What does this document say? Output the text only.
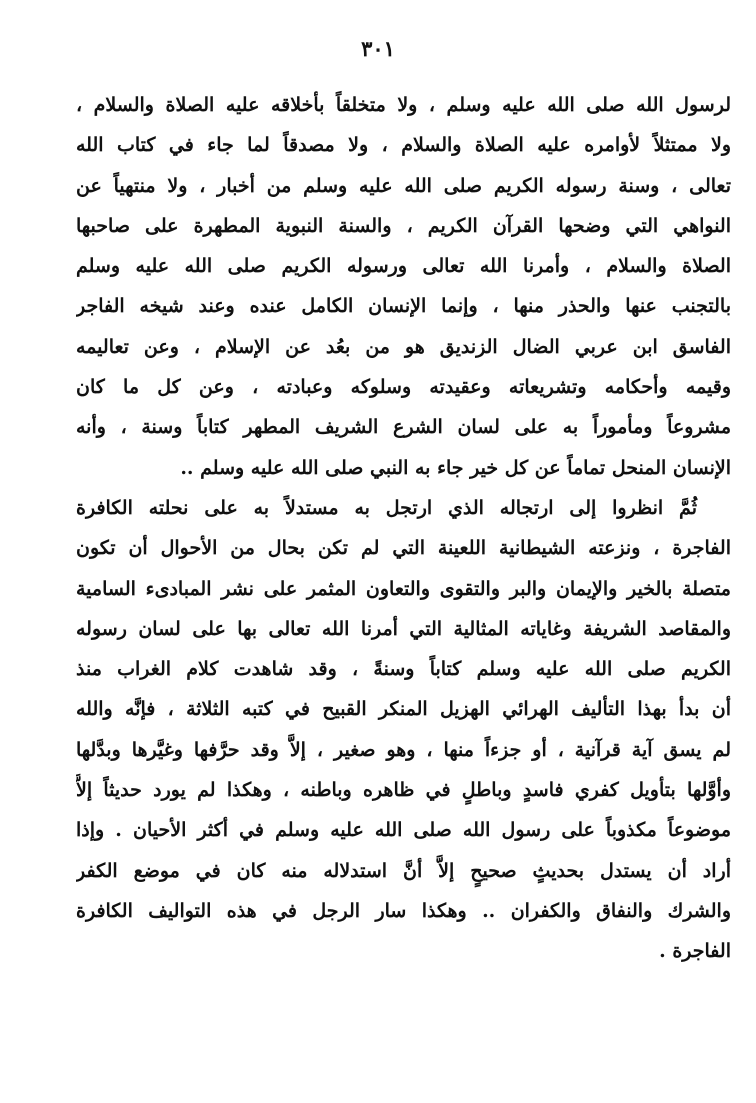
٣٠١
لرسول الله صلى الله عليه وسلم ، ولا متخلقاً بأخلاقه عليه الصلاة والسلام ،
ولا ممتثلاً لأوامره عليه الصلاة والسلام ، ولا مصدقاً لما جاء في كتاب الله
تعالى ، وسنة رسوله الكريم صلى الله عليه وسلم من أخبار ، ولا منتهياً عن
النواهي التي وضحها القرآن الكريم ، والسنة النبوية المطهرة على صاحبها
الصلاة والسلام ، وأمرنا الله تعالى ورسوله الكريم صلى الله عليه وسلم
بالتجنب عنها والحذر منها ، وإنما الإنسان الكامل عنده وعند شيخه الفاجر
الفاسق ابن عربي الضال الزنديق هو من بعُد عن الإسلام ، وعن تعاليمه
وقيمه وأحكامه وتشريعاته وعقيدته وسلوكه وعبادته ، وعن كل ما كان
مشروعاً ومأموراً به على لسان الشرع الشريف المطهر كتاباً وسنة ، وأنه
الإنسان المنحل تماماً عن كل خير جاء به النبي صلى الله عليه وسلم ..
ثُمَّ انظروا إلى ارتجاله الذي ارتجل به مستدلاً به على نحلته الكافرة
الفاجرة ، ونزعته الشيطانية اللعينة التي لم تكن بحال من الأحوال أن تكون
متصلة بالخير والإيمان والبر والتقوى والتعاون المثمر على نشر المبادىء السامية
والمقاصد الشريفة وغاياته المثالية التي أمرنا الله تعالى بها على لسان رسوله
الكريم صلى الله عليه وسلم كتاباً وسنةً ، وقد شاهدت كلام الغراب منذ
أن بدأ بهذا التأليف الهرائي الهزيل المنكر القبيح في كتبه الثلاثة ، فإنَّه والله
لم يسق آية قرآنية ، أو جزءاً منها ، وهو صغير ، إلاَّ وقد حرَّفها وغيَّرها وبدَّلها
وأوَّلها بتأويل كفري فاسدٍ وباطلٍ في ظاهره وباطنه ، وهكذا لم يورد حديثاً إلاَّ
موضوعاً مكذوباً على رسول الله صلى الله عليه وسلم في أكثر الأحيان . وإذا
أراد أن يستدل بحديثٍ صحيحٍ إلاَّ أنَّ استدلاله منه كان في موضع الكفر
والشرك والنفاق والكفران .. وهكذا سار الرجل في هذه التواليف الكافرة
الفاجرة .
